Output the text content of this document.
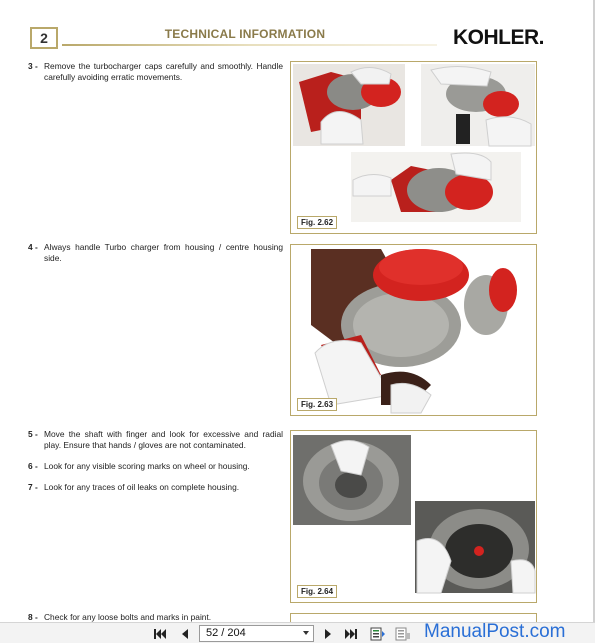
2	TECHNICAL INFORMATION	KOHLER.
3 - Remove the turbocharger caps carefully and smoothly. Handle carefully avoiding erratic movements.
4 - Always handle Turbo charger from housing / centre housing side.
5 - Move the shaft with finger and look for excessive and radial play. Ensure that hands / gloves are not contaminated.
6 - Look for any visible scoring marks on wheel or housing.
7 - Look for any traces of oil leaks on complete housing.
8 - Check for any loose bolts and marks in paint.
Fig. 2.62
Fig. 2.63
Fig. 2.64
52 / 204	ManualPost.com
